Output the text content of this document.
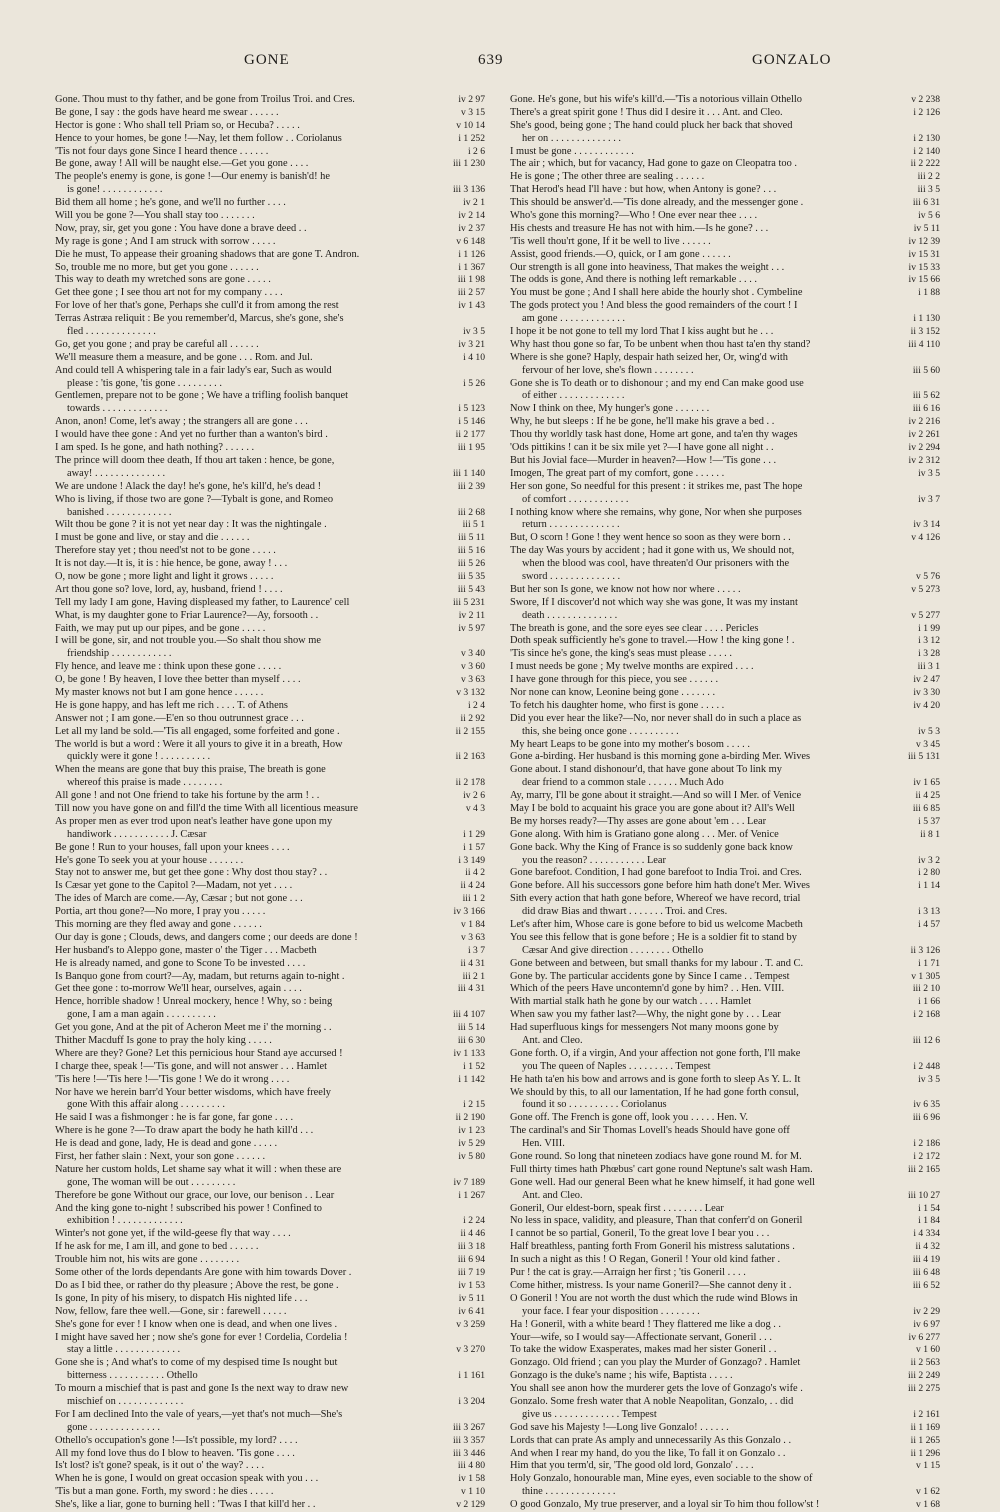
GONE	639	GONZALO
Gone. Thou must to thy father, and be gone from Troilus Troi. and Cres.	iv 2 97
Be gone, I say : the gods have heard me swear . . . . . .	v 3 15
Hector is gone : Who shall tell Priam so, or Hecuba? . . . . .	v 10 14
Hence to your homes, be gone !—Nay, let them follow . . Coriolanus	i 1 252
'Tis not four days gone Since I heard thence . . . . . .	i 2 6
Be gone, away ! All will be naught else.—Get you gone . . . .	iii 1 230
The people's enemy is gone, is gone !—Our enemy is banish'd! he
is gone! . . . . . . . . . . . .	iii 3 136
Bid them all home ; he's gone, and we'll no further . . . .	iv 2 1
Will you be gone ?—You shall stay too . . . . . . .	iv 2 14
Now, pray, sir, get you gone : You have done a brave deed . .	iv 2 37
My rage is gone ; And I am struck with sorrow . . . . .	v 6 148
Die he must, To appease their groaning shadows that are gone T. Andron.	i 1 126
So, trouble me no more, but get you gone . . . . . .	i 1 367
This way to death my wretched sons are gone . . . . .	iii 1 98
Get thee gone ; I see thou art not for my company . . . .	iii 2 57
For love of her that's gone, Perhaps she cull'd it from among the rest	iv 1 43
Terras Astræa reliquit : Be you remember'd, Marcus, she's gone, she's
fled . . . . . . . . . . . . . .	iv 3 5
Go, get you gone ; and pray be careful all . . . . . .	iv 3 21
We'll measure them a measure, and be gone . . . Rom. and Jul.	i 4 10
And could tell A whispering tale in a fair lady's ear, Such as would
please : 'tis gone, 'tis gone . . . . . . . . .	i 5 26
Gentlemen, prepare not to be gone ; We have a trifling foolish banquet
towards . . . . . . . . . . . . .	i 5 123
Anon, anon! Come, let's away ; the strangers all are gone . . .	i 5 146
I would have thee gone : And yet no further than a wanton's bird .	ii 2 177
I am sped. Is he gone, and hath nothing? . . . . . .	iii 1 95
The prince will doom thee death, If thou art taken : hence, be gone,
away! . . . . . . . . . . . . . .	iii 1 140
We are undone ! Alack the day! he's gone, he's kill'd, he's dead !	iii 2 39
Who is living, if those two are gone ?—Tybalt is gone, and Romeo
banished . . . . . . . . . . . . .	iii 2 68
Wilt thou be gone ? it is not yet near day : It was the nightingale .	iii 5 1
I must be gone and live, or stay and die . . . . . .	iii 5 11
Therefore stay yet ; thou need'st not to be gone . . . . .	iii 5 16
It is not day.—It is, it is : hie hence, be gone, away ! . . .	iii 5 26
O, now be gone ; more light and light it grows . . . . .	iii 5 35
Art thou gone so? love, lord, ay, husband, friend ! . . . .	iii 5 43
Tell my lady I am gone, Having displeased my father, to Laurence' cell	iii 5 231
What, is my daughter gone to Friar Laurence?—Ay, forsooth . .	iv 2 11
Faith, we may put up our pipes, and be gone . . . . .	iv 5 97
I will be gone, sir, and not trouble you.—So shalt thou show me
friendship . . . . . . . . . . . .	v 3 40
Fly hence, and leave me : think upon these gone . . . . .	v 3 60
O, be gone ! By heaven, I love thee better than myself . . . .	v 3 63
My master knows not but I am gone hence . . . . . .	v 3 132
He is gone happy, and has left me rich . . . . T. of Athens	i 2 4
Answer not ; I am gone.—E'en so thou outrunnest grace . . .	ii 2 92
Let all my land be sold.—'Tis all engaged, some forfeited and gone .	ii 2 155
The world is but a word : Were it all yours to give it in a breath, How
quickly were it gone ! . . . . . . . . . .	ii 2 163
When the means are gone that buy this praise, The breath is gone
whereof this praise is made . . . . . . . .	ii 2 178
All gone ! and not One friend to take his fortune by the arm ! . .	iv 2 6
Till now you have gone on and fill'd the time With all licentious measure	v 4 3
As proper men as ever trod upon neat's leather have gone upon my
handiwork . . . . . . . . . . . J. Cæsar	i 1 29
Be gone ! Run to your houses, fall upon your knees . . . .	i 1 57
He's gone To seek you at your house . . . . . . .	i 3 149
Stay not to answer me, but get thee gone : Why dost thou stay? . .	ii 4 2
Is Cæsar yet gone to the Capitol ?—Madam, not yet . . . .	ii 4 24
The ides of March are come.—Ay, Cæsar ; but not gone . . .	iii 1 2
Portia, art thou gone?—No more, I pray you . . . . .	iv 3 166
This morning are they fled away and gone . . . . . .	v 1 84
Our day is gone ; Clouds, dews, and dangers come ; our deeds are done !	v 3 63
Her husband's to Aleppo gone, master o' the Tiger . . . Macbeth	i 3 7
He is already named, and gone to Scone To be invested . . . .	ii 4 31
Is Banquo gone from court?—Ay, madam, but returns again to-night .	iii 2 1
Get thee gone : to-morrow We'll hear, ourselves, again . . . .	iii 4 31
Hence, horrible shadow ! Unreal mockery, hence ! Why, so : being
gone, I am a man again . . . . . . . . . .	iii 4 107
Get you gone, And at the pit of Acheron Meet me i' the morning . .	iii 5 14
Thither Macduff Is gone to pray the holy king . . . . .	iii 6 30
Where are they? Gone? Let this pernicious hour Stand aye accursed !	iv 1 133
I charge thee, speak !—'Tis gone, and will not answer . . . Hamlet	i 1 52
'Tis here !—'Tis here !—'Tis gone ! We do it wrong . . . .	i 1 142
Nor have we herein barr'd Your better wisdoms, which have freely
gone With this affair along . . . . . . . . .	i 2 15
He said I was a fishmonger : he is far gone, far gone . . . .	ii 2 190
Where is he gone ?—To draw apart the body he hath kill'd . . .	iv 1 23
He is dead and gone, lady, He is dead and gone . . . . .	iv 5 29
First, her father slain : Next, your son gone . . . . . .	iv 5 80
Nature her custom holds, Let shame say what it will : when these are
gone, The woman will be out . . . . . . . . .	iv 7 189
Therefore be gone Without our grace, our love, our benison . . Lear	i 1 267
And the king gone to-night ! subscribed his power ! Confined to
exhibition ! . . . . . . . . . . . . .	i 2 24
Winter's not gone yet, if the wild-geese fly that way . . . .	ii 4 46
If he ask for me, I am ill, and gone to bed . . . . . .	iii 3 18
Trouble him not, his wits are gone . . . . . . . .	iii 6 94
Some other of the lords dependants Are gone with him towards Dover .	iii 7 19
Do as I bid thee, or rather do thy pleasure ; Above the rest, be gone .	iv 1 53
Is gone, In pity of his misery, to dispatch His nighted life . . .	iv 5 11
Now, fellow, fare thee well.—Gone, sir : farewell . . . . .	iv 6 41
She's gone for ever ! I know when one is dead, and when one lives .	v 3 259
I might have saved her ; now she's gone for ever ! Cordelia, Cordelia !
stay a little . . . . . . . . . . . . .	v 3 270
Gone she is ; And what's to come of my despised time Is nought but
bitterness . . . . . . . . . . . Othello	i 1 161
To mourn a mischief that is past and gone Is the next way to draw new
mischief on . . . . . . . . . . . . .	i 3 204
For I am declined Into the vale of years,—yet that's not much—She's
gone . . . . . . . . . . . . . .	iii 3 267
Othello's occupation's gone !—Is't possible, my lord? . . . .	iii 3 357
All my fond love thus do I blow to heaven. 'Tis gone . . . .	iii 3 446
Is't lost? is't gone? speak, is it out o' the way? . . . .	iii 4 80
When he is gone, I would on great occasion speak with you . . .	iv 1 58
'Tis but a man gone. Forth, my sword : he dies . . . . .	v 1 10
She's, like a liar, gone to burning hell : 'Twas I that kill'd her . .	v 2 129
Gone. He's gone, but his wife's kill'd.—'Tis a notorious villain Othello	v 2 238
There's a great spirit gone ! Thus did I desire it . . . Ant. and Cleo.	i 2 126
She's good, being gone ; The hand could pluck her back that shoved
her on . . . . . . . . . . . . . .	i 2 130
I must be gone . . . . . . . . . . . .	i 2 140
The air ; which, but for vacancy, Had gone to gaze on Cleopatra too .	ii 2 222
He is gone ; The other three are sealing . . . . . .	iii 2 2
That Herod's head I'll have : but how, when Antony is gone? . . .	iii 3 5
This should be answer'd.—'Tis done already, and the messenger gone .	iii 6 31
Who's gone this morning?—Who ! One ever near thee . . . .	iv 5 6
His chests and treasure He has not with him.—Is he gone? . . .	iv 5 11
'Tis well thou'rt gone, If it be well to live . . . . . .	iv 12 39
Assist, good friends.—O, quick, or I am gone . . . . . .	iv 15 31
Our strength is all gone into heaviness, That makes the weight . . .	iv 15 33
The odds is gone, And there is nothing left remarkable . . . .	iv 15 66
You must be gone ; And I shall here abide the hourly shot . Cymbeline	i 1 88
The gods protect you ! And bless the good remainders of the court ! I
am gone . . . . . . . . . . . . .	i 1 130
I hope it be not gone to tell my lord That I kiss aught but he . . .	ii 3 152
Why hast thou gone so far, To be unbent when thou hast ta'en thy stand?	iii 4 110
Where is she gone? Haply, despair hath seized her, Or, wing'd with
fervour of her love, she's flown . . . . . . . .	iii 5 60
Gone she is To death or to dishonour ; and my end Can make good use
of either . . . . . . . . . . . . .	iii 5 62
Now I think on thee, My hunger's gone . . . . . . .	iii 6 16
Why, he but sleeps : If he be gone, he'll make his grave a bed . .	iv 2 216
Thou thy worldly task hast done, Home art gone, and ta'en thy wages	iv 2 261
'Ods pittikins ! can it be six mile yet ?—I have gone all night . .	iv 2 294
But his Jovial face—Murder in heaven?—How !—'Tis gone . . .	iv 2 312
Imogen, The great part of my comfort, gone . . . . . .	iv 3 5
Her son gone, So needful for this present : it strikes me, past The hope
of comfort . . . . . . . . . . . .	iv 3 7
I nothing know where she remains, why gone, Nor when she purposes
return . . . . . . . . . . . . . .	iv 3 14
But, O scorn ! Gone ! they went hence so soon as they were born . .	v 4 126
The day Was yours by accident ; had it gone with us, We should not,
when the blood was cool, have threaten'd Our prisoners with the
sword . . . . . . . . . . . . . .	v 5 76
But her son Is gone, we know not how nor where . . . . .	v 5 273
Swore, If I discover'd not which way she was gone, It was my instant
death . . . . . . . . . . . . . .	v 5 277
The breath is gone, and the sore eyes see clear . . . . Pericles	i 1 99
Doth speak sufficiently he's gone to travel.—How ! the king gone ! .	i 3 12
'Tis since he's gone, the king's seas must please . . . . .	i 3 28
I must needs be gone ; My twelve months are expired . . . .	iii 3 1
I have gone through for this piece, you see . . . . . .	iv 2 47
Nor none can know, Leonine being gone . . . . . . .	iv 3 30
To fetch his daughter home, who first is gone . . . . .	iv 4 20
Did you ever hear the like?—No, nor never shall do in such a place as
this, she being once gone . . . . . . . . . .	iv 5 3
My heart Leaps to be gone into my mother's bosom . . . . .	v 3 45
Gone a-birding. Her husband is this morning gone a-birding Mer. Wives	iii 5 131
Gone about. I stand dishonour'd, that have gone about To link my
dear friend to a common stale . . . . . . Much Ado	iv 1 65
Ay, marry, I'll be gone about it straight.—And so will I Mer. of Venice	ii 4 25
May I be bold to acquaint his grace you are gone about it? All's Well	iii 6 85
Be my horses ready?—Thy asses are gone about 'em . . . Lear	i 5 37
Gone along. With him is Gratiano gone along . . . Mer. of Venice	ii 8 1
Gone back. Why the King of France is so suddenly gone back know
you the reason? . . . . . . . . . . . Lear	iv 3 2
Gone barefoot. Condition, I had gone barefoot to India Troi. and Cres.	i 2 80
Gone before. All his successors gone before him hath done't Mer. Wives	i 1 14
Sith every action that hath gone before, Whereof we have record, trial
did draw Bias and thwart . . . . . . . Troi. and Cres.	i 3 13
Let's after him, Whose care is gone before to bid us welcome Macbeth	i 4 57
You see this fellow that is gone before ; He is a soldier fit to stand by
Cæsar And give direction . . . . . . . . Othello	ii 3 126
Gone between and between, but small thanks for my labour . T. and C.	i 1 71
Gone by. The particular accidents gone by Since I came . . Tempest	v 1 305
Which of the peers Have uncontemn'd gone by him? . . Hen. VIII.	iii 2 10
With martial stalk hath he gone by our watch . . . . Hamlet	i 1 66
When saw you my father last?—Why, the night gone by . . . Lear	i 2 168
Had superfluous kings for messengers Not many moons gone by
Ant. and Cleo.	iii 12 6
Gone forth. O, if a virgin, And your affection not gone forth, I'll make
you The queen of Naples . . . . . . . . . Tempest	i 2 448
He hath ta'en his bow and arrows and is gone forth to sleep As Y. L. It	iv 3 5
We should by this, to all our lamentation, If he had gone forth consul,
found it so . . . . . . . . . . Coriolanus	iv 6 35
Gone off. The French is gone off, look you . . . . . Hen. V.	iii 6 96
The cardinal's and Sir Thomas Lovell's heads Should have gone off
Hen. VIII.	i 2 186
Gone round. So long that nineteen zodiacs have gone round M. for M.	i 2 172
Full thirty times hath Phœbus' cart gone round Neptune's salt wash Ham.	iii 2 165
Gone well. Had our general Been what he knew himself, it had gone well
Ant. and Cleo.	iii 10 27
Goneril, Our eldest-born, speak first . . . . . . . . Lear	i 1 54
No less in space, validity, and pleasure, Than that conferr'd on Goneril	i 1 84
I cannot be so partial, Goneril, To the great love I bear you . . .	i 4 334
Half breathless, panting forth From Goneril his mistress salutations .	ii 4 32
In such a night as this ! O Regan, Goneril ! Your old kind father .	iii 4 19
Pur ! the cat is gray.—Arraign her first ; 'tis Goneril . . . .	iii 6 48
Come hither, mistress. Is your name Goneril?—She cannot deny it .	iii 6 52
O Goneril ! You are not worth the dust which the rude wind Blows in
your face. I fear your disposition . . . . . . . .	iv 2 29
Ha ! Goneril, with a white beard ! They flattered me like a dog . .	iv 6 97
Your—wife, so I would say—Affectionate servant, Goneril . . .	iv 6 277
To take the widow Exasperates, makes mad her sister Goneril . .	v 1 60
Gonzago. Old friend ; can you play the Murder of Gonzago? . Hamlet	ii 2 563
Gonzago is the duke's name ; his wife, Baptista . . . . .	iii 2 249
You shall see anon how the murderer gets the love of Gonzago's wife .	iii 2 275
Gonzalo. Some fresh water that A noble Neapolitan, Gonzalo, . . did
give us . . . . . . . . . . . . . Tempest	i 2 161
God save his Majesty !—Long live Gonzalo! . . . . . .	ii 1 169
Lords that can prate As amply and unnecessarily As this Gonzalo . .	ii 1 265
And when I rear my hand, do you the like, To fall it on Gonzalo . .	ii 1 296
Him that you term'd, sir, 'The good old lord, Gonzalo' . . . .	v 1 15
Holy Gonzalo, honourable man, Mine eyes, even sociable to the show of
thine . . . . . . . . . . . . . .	v 1 62
O good Gonzalo, My true preserver, and a loyal sir To him thou follow'st !	v 1 68
